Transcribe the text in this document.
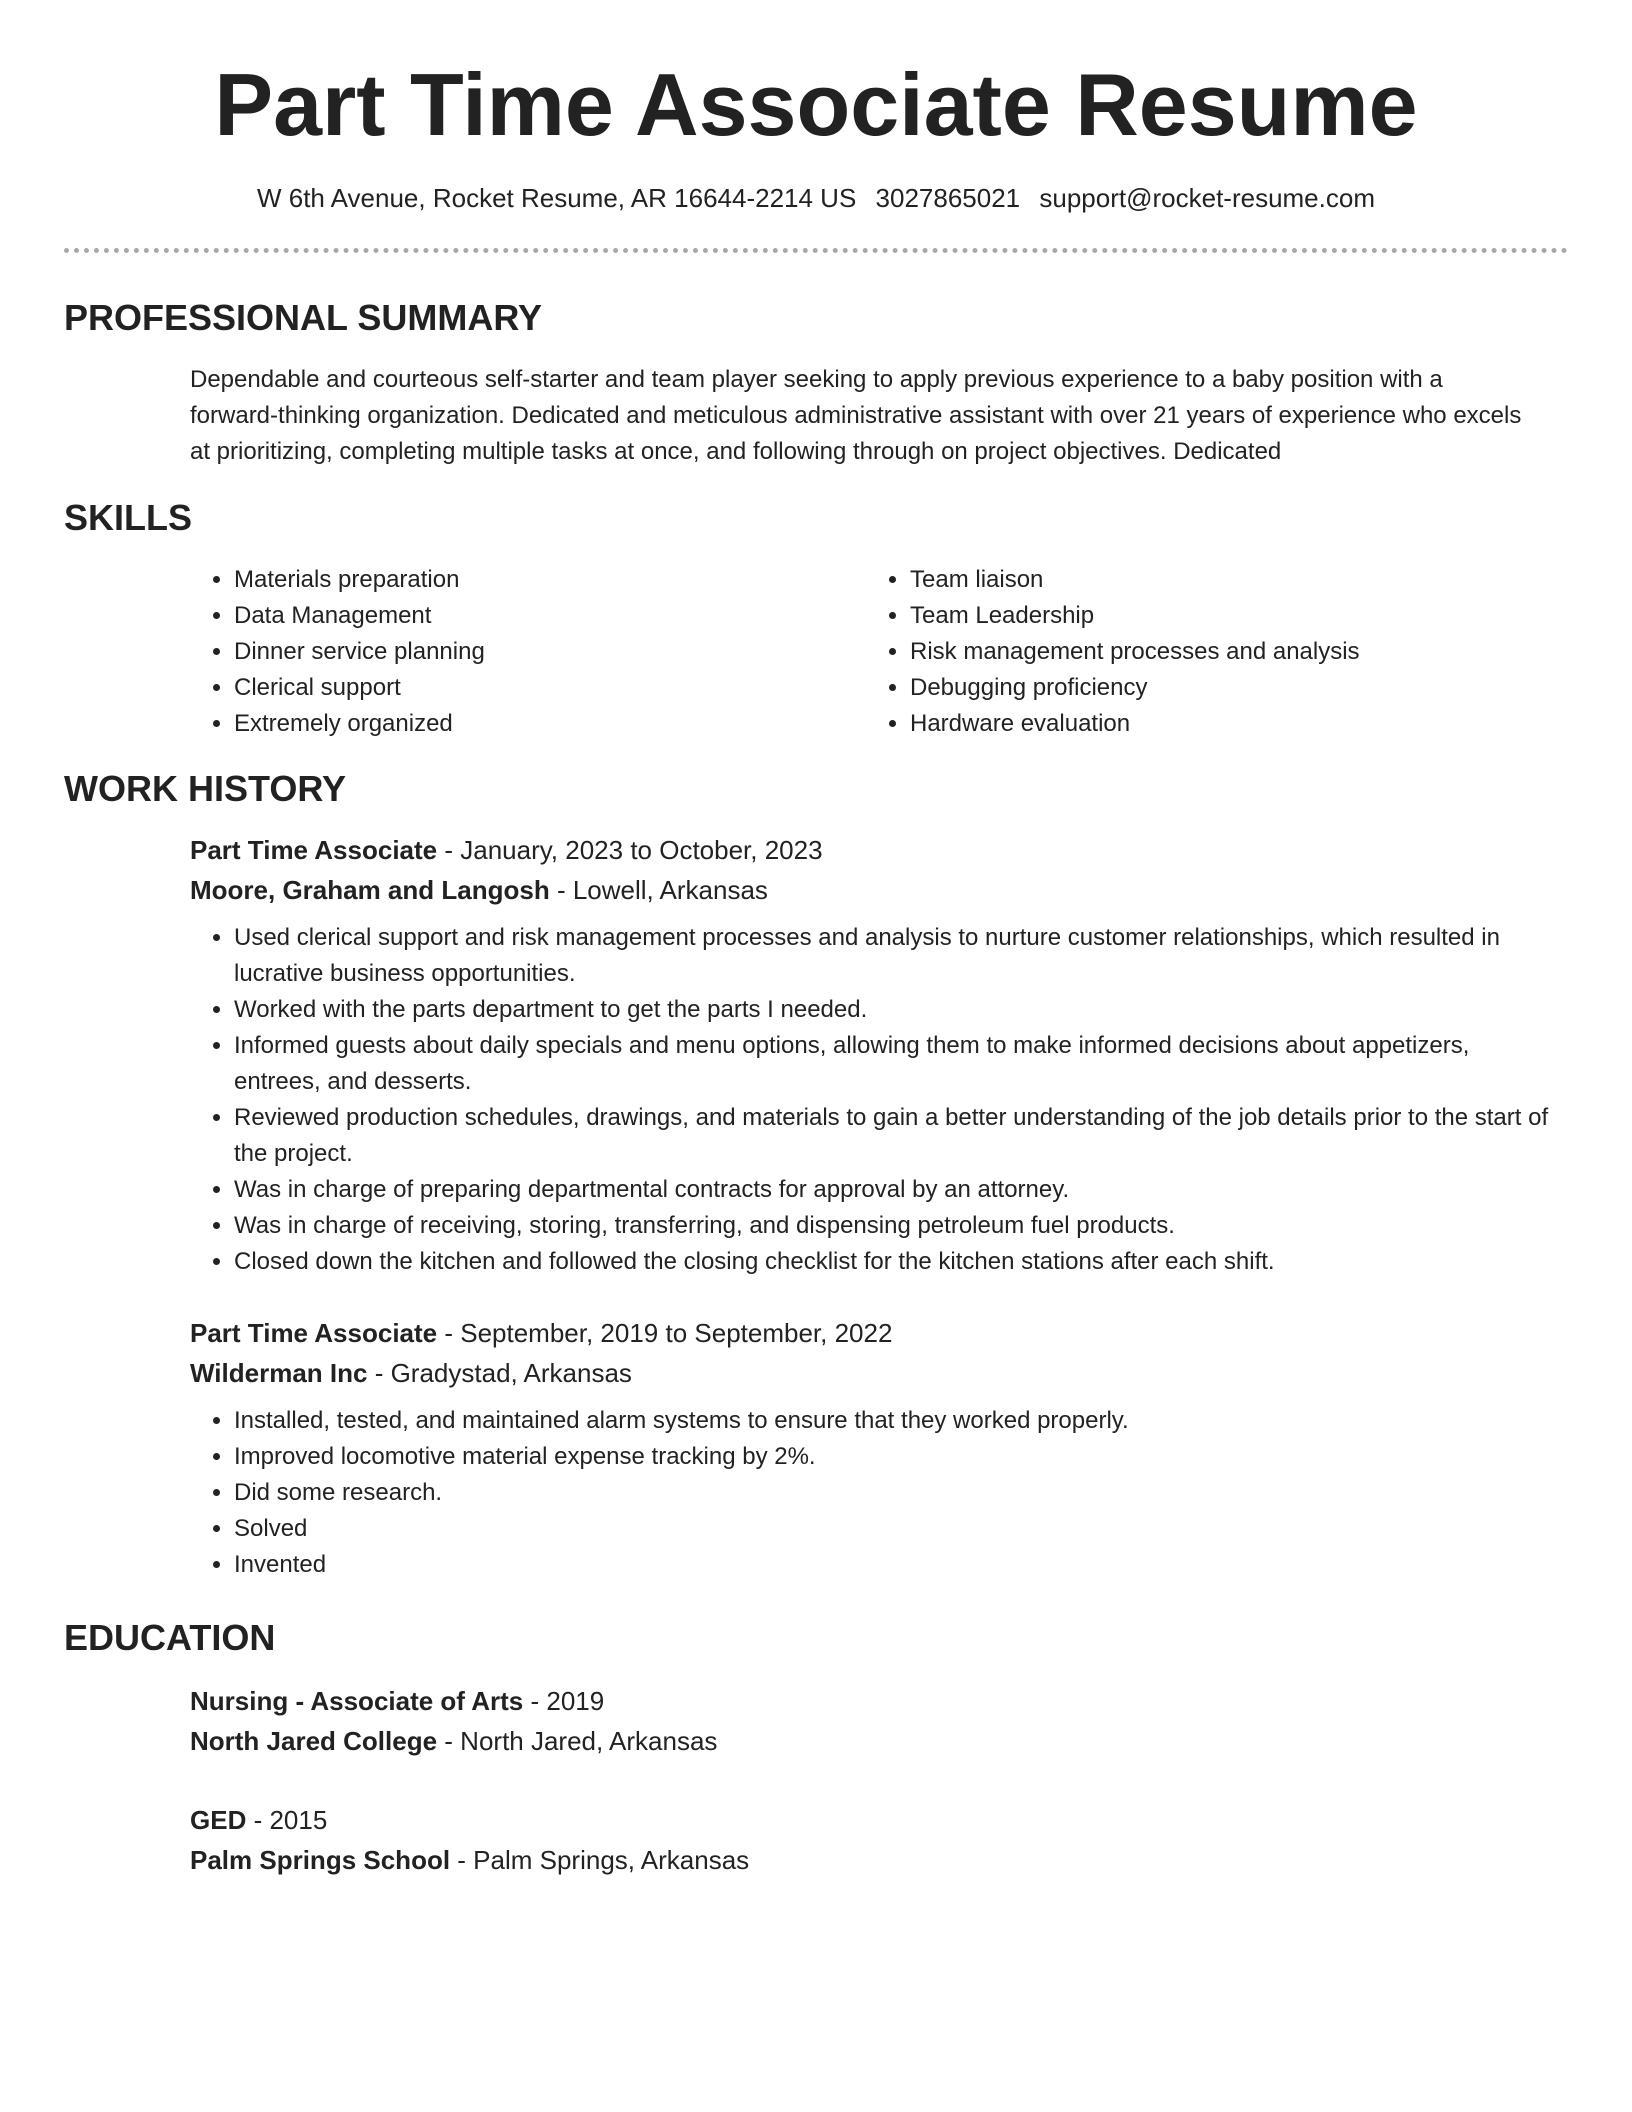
Part Time Associate Resume
W 6th Avenue, Rocket Resume, AR 16644-2214 US 3027865021 support@rocket-resume.com
PROFESSIONAL SUMMARY

Dependable and courteous self-starter and team player seeking to apply previous experience to a baby position with a forward-thinking organization. Dedicated and meticulous administrative assistant with over 21 years of experience who excels at prioritizing, completing multiple tasks at once, and following through on project objectives. Dedicated

SKILLS
• Materials preparation
• Data Management
• Dinner service planning
• Clerical support
• Extremely organized
• Team liaison
• Team Leadership
• Risk management processes and analysis
• Debugging proficiency
• Hardware evaluation
WORK HISTORY
Part Time Associate - January, 2023 to October, 2023
Moore, Graham and Langosh - Lowell, Arkansas
• Used clerical support and risk management processes and analysis to nurture customer relationships, which resulted in lucrative business opportunities.
• Worked with the parts department to get the parts I needed.
• Informed guests about daily specials and menu options, allowing them to make informed decisions about appetizers, entrees, and desserts.
• Reviewed production schedules, drawings, and materials to gain a better understanding of the job details prior to the start of the project.
• Was in charge of preparing departmental contracts for approval by an attorney.
• Was in charge of receiving, storing, transferring, and dispensing petroleum fuel products.
• Closed down the kitchen and followed the closing checklist for the kitchen stations after each shift.
Part Time Associate - September, 2019 to September, 2022
Wilderman Inc - Gradystad, Arkansas
• Installed, tested, and maintained alarm systems to ensure that they worked properly.
• Improved locomotive material expense tracking by 2%.
• Did some research.
• Solved
• Invented
EDUCATION
Nursing - Associate of Arts - 2019
North Jared College - North Jared, Arkansas
GED - 2015
Palm Springs School - Palm Springs, Arkansas
